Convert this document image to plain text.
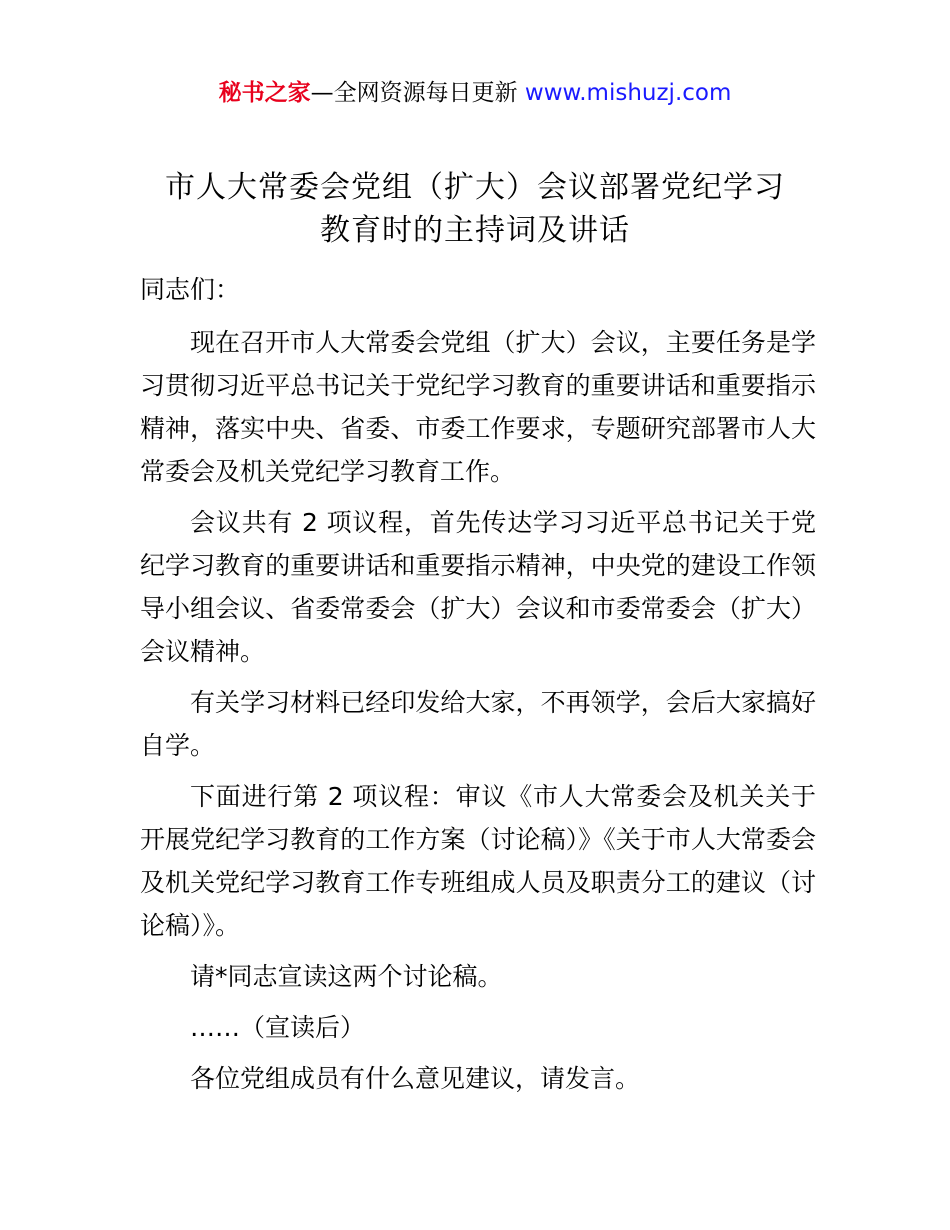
秘书之家—全网资源每日更新 www.mishuzj.com
市人大常委会党组（扩大）会议部署党纪学习
教育时的主持词及讲话

同志们：

现在召开市人大常委会党组（扩大）会议，主要任务是学习贯彻习近平总书记关于党纪学习教育的重要讲话和重要指示精神，落实中央、省委、市委工作要求，专题研究部署市人大常委会及机关党纪学习教育工作。

会议共有 2 项议程，首先传达学习习近平总书记关于党纪学习教育的重要讲话和重要指示精神，中央党的建设工作领导小组会议、省委常委会（扩大）会议和市委常委会（扩大）会议精神。

有关学习材料已经印发给大家，不再领学，会后大家搞好自学。

下面进行第 2 项议程：审议《市人大常委会及机关关于开展党纪学习教育的工作方案（讨论稿）》《关于市人大常委会及机关党纪学习教育工作专班组成人员及职责分工的建议（讨论稿）》。

请*同志宣读这两个讨论稿。

……（宣读后）

各位党组成员有什么意见建议，请发言。
